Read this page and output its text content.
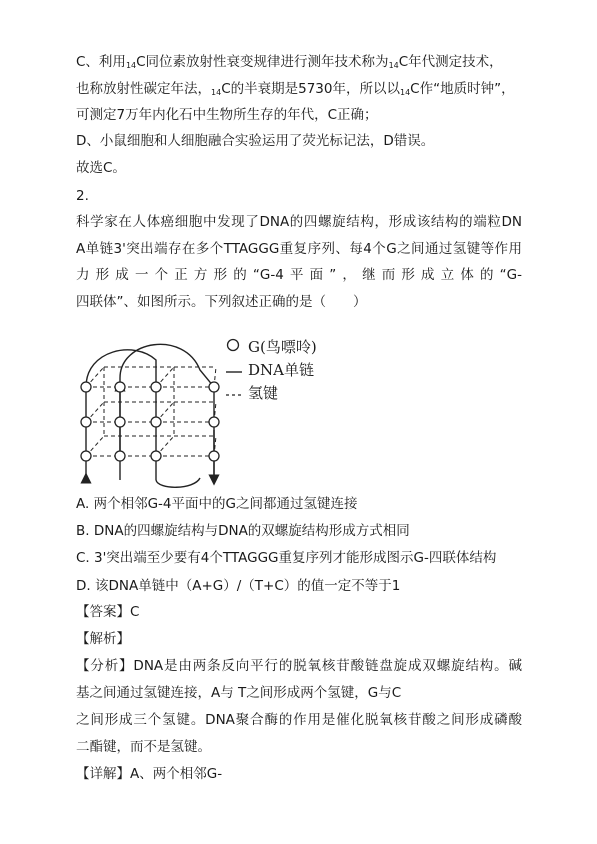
C、利用14C同位素放射性衰变规律进行测年技术称为14C年代测定技术，
也称放射性碳定年法，14C的半衰期是5730年，所以以14C作“地质时钟”，
可测定7万年内化石中生物所生存的年代，C正确；
D、小鼠细胞和人细胞融合实验运用了荧光标记法，D错误。
故选C。
2.
科学家在人体癌细胞中发现了DNA的四螺旋结构，形成该结构的端粒DN
A单链3'突出端存在多个TTAGGG重复序列、每4个G之间通过氢键等作用
力形成一个正方形的“G-4平面”，继而形成立体的“G-
四联体”、如图所示。下列叙述正确的是（　　）
G(鸟嘌呤)
DNA单链
氢键
A. 两个相邻G-4平面中的G之间都通过氢键连接
B. DNA的四螺旋结构与DNA的双螺旋结构形成方式相同
C. 3'突出端至少要有4个TTAGGG重复序列才能形成图示G-四联体结构
D. 该DNA单链中（A+G）/（T+C）的值一定不等于1
【答案】C
【解析】
【分析】DNA是由两条反向平行的脱氧核苷酸链盘旋成双螺旋结构。碱
基之间通过氢键连接，A与 T之间形成两个氢键，G与C
之间形成三个氢键。DNA聚合酶的作用是催化脱氧核苷酸之间形成磷酸
二酯键，而不是氢键。
【详解】A、两个相邻G-
